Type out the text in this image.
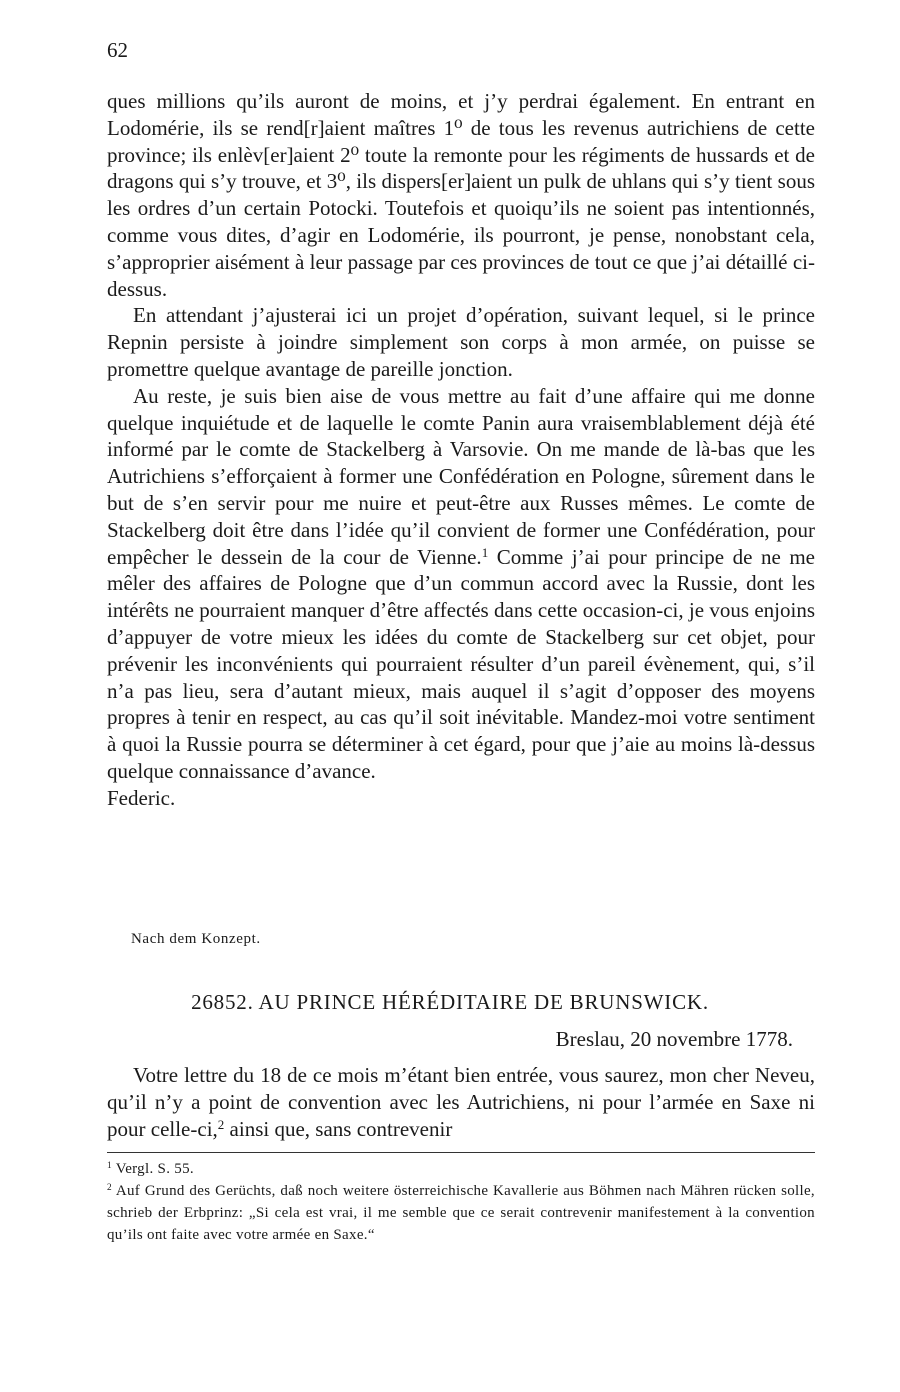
62

ques millions qu’ils auront de moins, et j’y perdrai également. En entrant en Lodomérie, ils se rend[r]aient maîtres 1⁰ de tous les revenus autrichiens de cette province; ils enlèv[er]aient 2⁰ toute la remonte pour les régiments de hussards et de dragons qui s’y trouve, et 3⁰, ils dispers[er]aient un pulk de uhlans qui s’y tient sous les ordres d’un certain Potocki. Toutefois et quoiqu’ils ne soient pas intentionnés, comme vous dites, d’agir en Lodomérie, ils pourront, je pense, nonobstant cela, s’approprier aisément à leur passage par ces provinces de tout ce que j’ai détaillé ci-dessus.

En attendant j’ajusterai ici un projet d’opération, suivant lequel, si le prince Repnin persiste à joindre simplement son corps à mon armée, on puisse se promettre quelque avantage de pareille jonction.

Au reste, je suis bien aise de vous mettre au fait d’une affaire qui me donne quelque inquiétude et de laquelle le comte Panin aura vraisemblablement déjà été informé par le comte de Stackelberg à Varsovie. On me mande de là-bas que les Autrichiens s’efforçaient à former une Confédération en Pologne, sûrement dans le but de s’en servir pour me nuire et peut-être aux Russes mêmes. Le comte de Stackelberg doit être dans l’idée qu’il convient de former une Confédération, pour empêcher le dessein de la cour de Vienne.$^1$ Comme j’ai pour principe de ne me mêler des affaires de Pologne que d’un commun accord avec la Russie, dont les intérêts ne pourraient manquer d’être affectés dans cette occasion-ci, je vous enjoins d’appuyer de votre mieux les idées du comte de Stackelberg sur cet objet, pour prévenir les inconvénients qui pourraient résulter d’un pareil évènement, qui, s’il n’a pas lieu, sera d’autant mieux, mais auquel il s’agit d’opposer des moyens propres à tenir en respect, au cas qu’il soit inévitable. Mandez-moi votre sentiment à quoi la Russie pourra se déterminer à cet égard, pour que j’aie au moins là-dessus quelque connaissance d’avance.

Federic.

Nach dem Konzept.
26852. AU PRINCE HÉRÉDITAIRE DE BRUNSWICK.
Breslau, 20 novembre 1778.

Votre lettre du 18 de ce mois m’étant bien entrée, vous saurez, mon cher Neveu, qu’il n’y a point de convention avec les Autrichiens, ni pour l’armée en Saxe ni pour celle-ci,$^2$ ainsi que, sans contrevenir

$^1$ Vergl. S. 55.

$^2$ Auf Grund des Gerüchts, daß noch weitere österreichische Kavallerie aus Böhmen nach Mähren rücken solle, schrieb der Erbprinz: „Si cela est vrai, il me semble que ce serait contrevenir manifestement à la convention qu’ils ont faite avec votre armée en Saxe.“
